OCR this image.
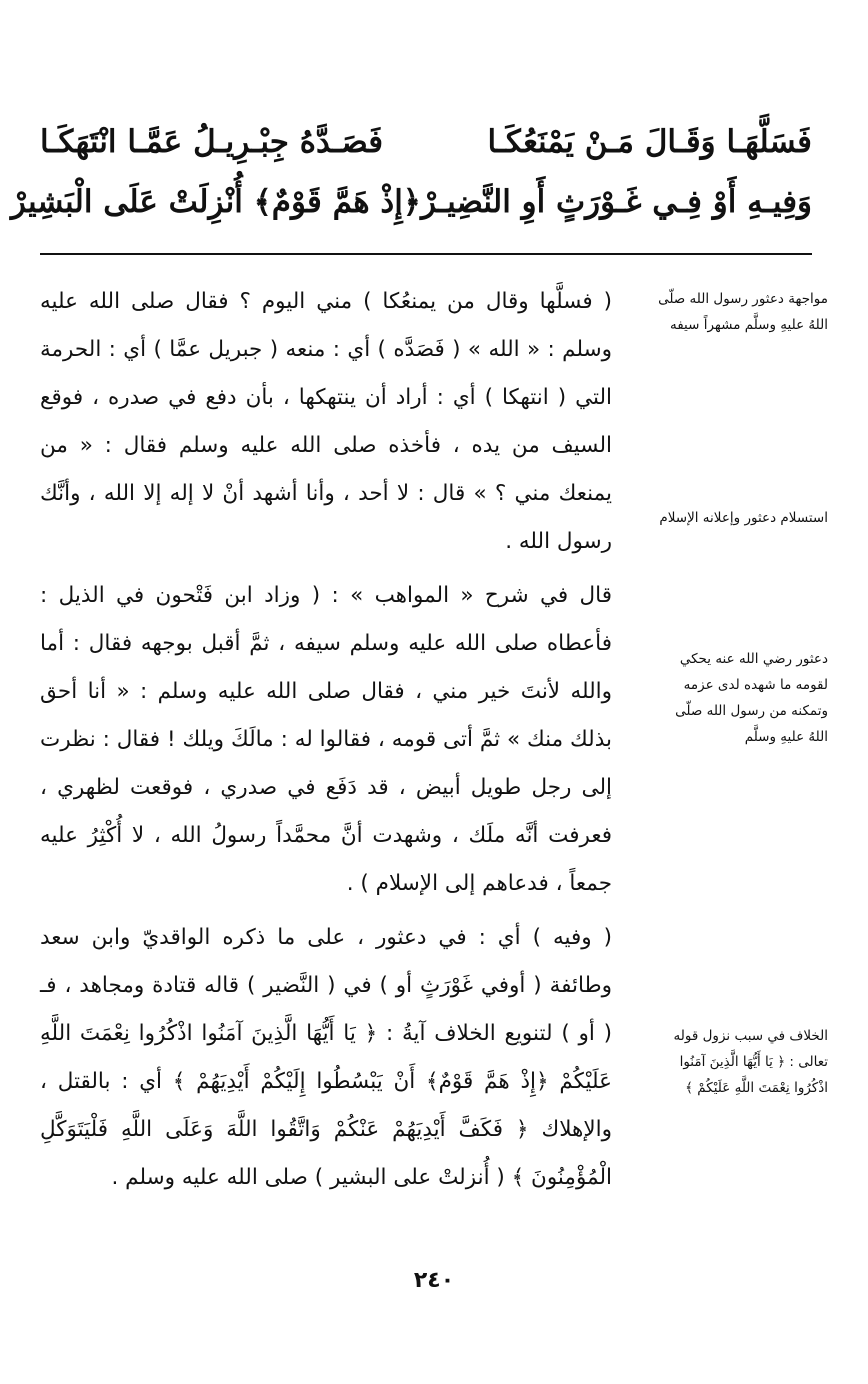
فَسَلَّهَـا وَقَـالَ مَـنْ يَمْنَعُكَـا
فَصَـدَّهُ جِبْـرِيـلُ عَمَّـا انْتَهَكَـا
وَفِيـهِ أَوْ فِـي غَـوْرَثٍ أَوِ النَّضِيـرْ
﴿إِذْ هَمَّ قَوْمٌ﴾ أُنْزِلَتْ عَلَى الْبَشِيرْ

( فسلَّها وقال من يمنعُكا ) مني اليوم ؟ فقال صلى الله عليه وسلم : « الله » ( فَصَدَّه ) أي : منعه ( جبريل عمَّا ) أي : الحرمة التي ( انتهكا ) أي : أراد أن ينتهكها ، بأن دفع في صدره ، فوقع السيف من يده ، فأخذه صلى الله عليه وسلم فقال : « من يمنعك مني ؟ » قال : لا أحد ، وأنا أشهد أنْ لا إله إلا الله ، وأنَّك رسول الله .

قال في شرح « المواهب » : ( وزاد ابن فَتْحون في الذيل : فأعطاه صلى الله عليه وسلم سيفه ، ثمَّ أقبل بوجهه فقال : أما والله لأنتَ خير مني ، فقال صلى الله عليه وسلم : « أنا أحق بذلك منك » ثمَّ أتى قومه ، فقالوا له : مالَكَ ويلك ! فقال : نظرت إلى رجل طويل أبيض ، قد دَفَع في صدري ، فوقعت لظهري ، فعرفت أنَّه ملَك ، وشهدت أنَّ محمَّداً رسولُ الله ، لا أُكْثِرُ عليه جمعاً ، فدعاهم إلى الإسلام ) .

( وفيه ) أي : في دعثور ، على ما ذكره الواقديّ وابن سعد وطائفة ( أوفي غَوْرَثٍ أو ) في ( النَّضير ) قاله قتادة ومجاهد ، فـ ( أو ) لتنويع الخلاف آيةُ : ﴿ يَا أَيُّهَا الَّذِينَ آمَنُوا اذْكُرُوا نِعْمَتَ اللَّهِ عَلَيْكُمْ ﴿إِذْ هَمَّ قَوْمٌ﴾ أَنْ يَبْسُطُوا إِلَيْكُمْ أَيْدِيَهُمْ ﴾ أي : بالقتل ، والإهلاك ﴿ فَكَفَّ أَيْدِيَهُمْ عَنْكُمْ وَاتَّقُوا اللَّهَ وَعَلَى اللَّهِ فَلْيَتَوَكَّلِ الْمُؤْمِنُونَ ﴾ ( أُنزلتْ على البشير ) صلى الله عليه وسلم .

مواجهة دعثور رسول الله صلّى اللهُ عليهِ وسلَّم مشهراً سيفه
استسلام دعثور وإعلانه الإسلام
دعثور رضي الله عنه يحكي لقومه ما شهده لدى عزمه وتمكنه من رسول الله صلّى اللهُ عليهِ وسلَّم
الخلاف في سبب نزول قوله تعالى : ﴿ يَا أَيُّهَا الَّذِينَ آمَنُوا اذْكُرُوا نِعْمَتَ اللَّهِ عَلَيْكُمْ ﴾
٢٤٠
